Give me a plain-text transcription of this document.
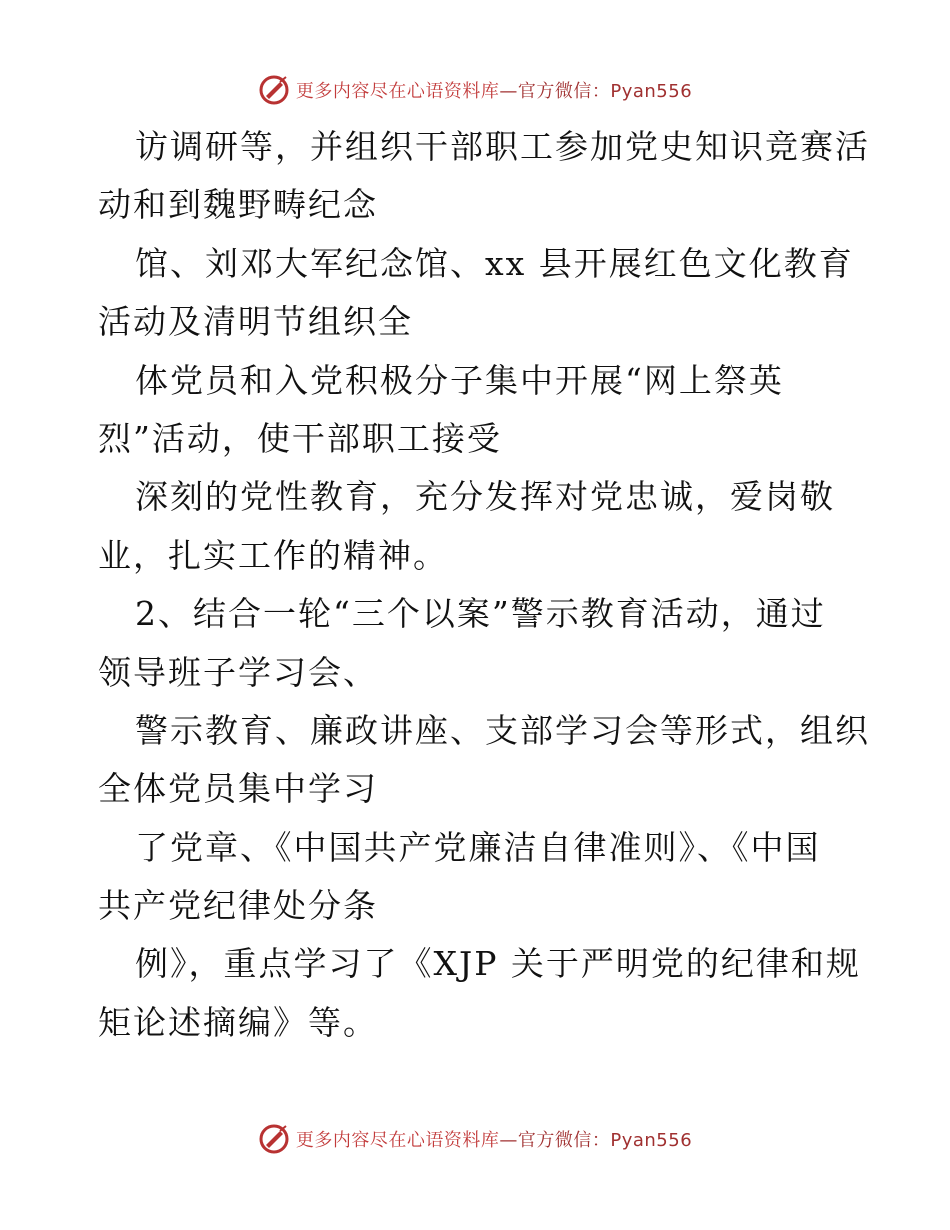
更多内容尽在心语资料库—官方微信：Pyan556
访调研等，并组织干部职工参加党史知识竞赛活
动和到魏野畴纪念
馆、刘邓大军纪念馆、xx 县开展红色文化教育
活动及清明节组织全
体党员和入党积极分子集中开展“网上祭英
烈”活动，使干部职工接受
深刻的党性教育，充分发挥对党忠诚，爱岗敬
业，扎实工作的精神。
2、结合一轮“三个以案”警示教育活动，通过
领导班子学习会、
警示教育、廉政讲座、支部学习会等形式，组织
全体党员集中学习
了党章、《中国共产党廉洁自律准则》、《中国
共产党纪律处分条
例》，重点学习了《XJP 关于严明党的纪律和规
矩论述摘编》等。
更多内容尽在心语资料库—官方微信：Pyan556
